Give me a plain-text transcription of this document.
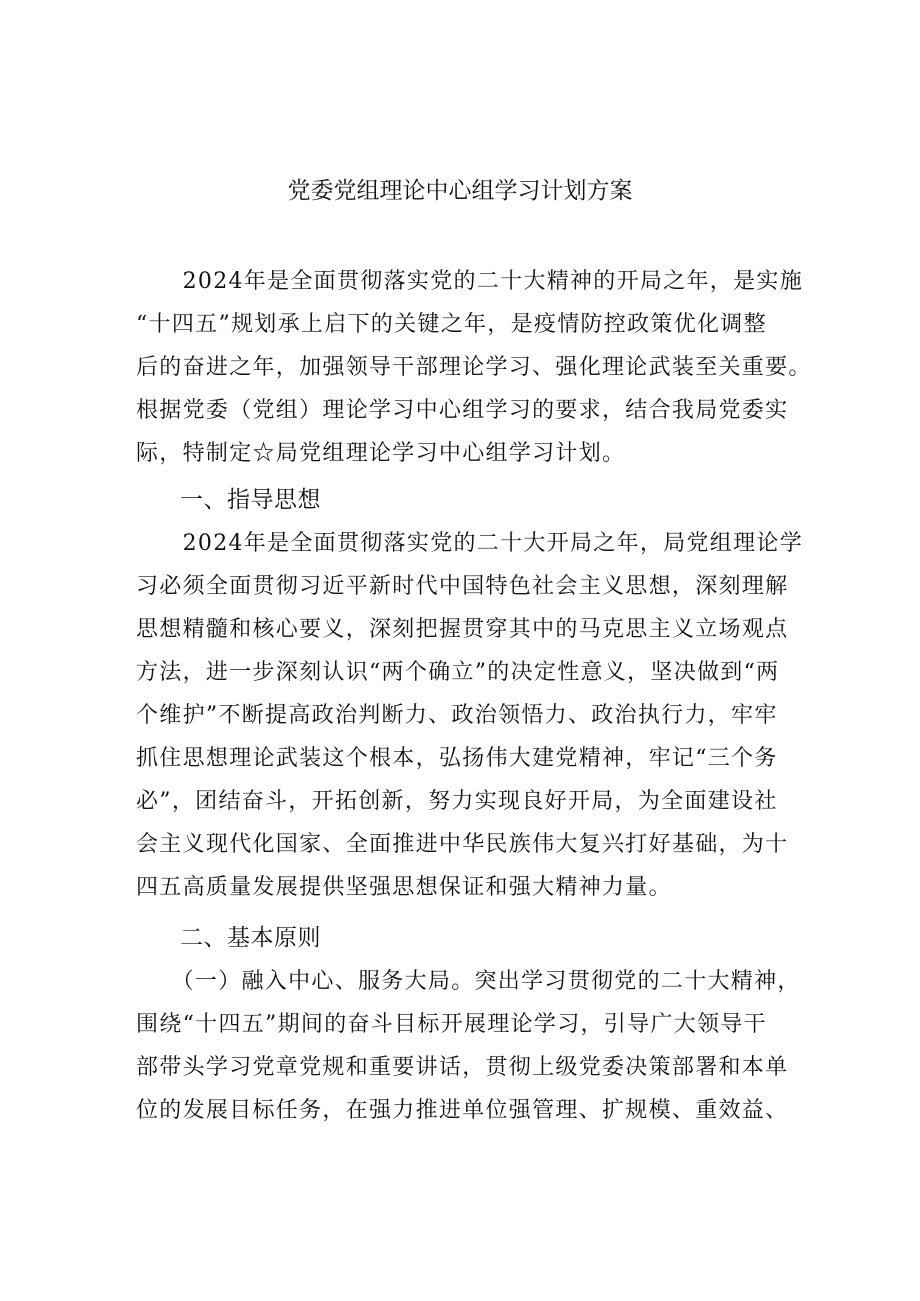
党委党组理论中心组学习计划方案
　　2024年是全面贯彻落实党的二十大精神的开局之年，是实施
“十四五”规划承上启下的关键之年，是疫情防控政策优化调整
后的奋进之年，加强领导干部理论学习、强化理论武装至关重要。
根据党委（党组）理论学习中心组学习的要求，结合我局党委实
际，特制定☆局党组理论学习中心组学习计划。
一、指导思想
　　2024年是全面贯彻落实党的二十大开局之年，局党组理论学
习必须全面贯彻习近平新时代中国特色社会主义思想，深刻理解
思想精髓和核心要义，深刻把握贯穿其中的马克思主义立场观点
方法，进一步深刻认识“两个确立”的决定性意义，坚决做到“两
个维护”不断提高政治判断力、政治领悟力、政治执行力，牢牢
抓住思想理论武装这个根本，弘扬伟大建党精神，牢记“三个务
必”，团结奋斗，开拓创新，努力实现良好开局，为全面建设社
会主义现代化国家、全面推进中华民族伟大复兴打好基础，为十
四五高质量发展提供坚强思想保证和强大精神力量。
二、基本原则
　　（一）融入中心、服务大局。突出学习贯彻党的二十大精神，
围绕“十四五”期间的奋斗目标开展理论学习，引导广大领导干
部带头学习党章党规和重要讲话，贯彻上级党委决策部署和本单
位的发展目标任务，在强力推进单位强管理、扩规模、重效益、
